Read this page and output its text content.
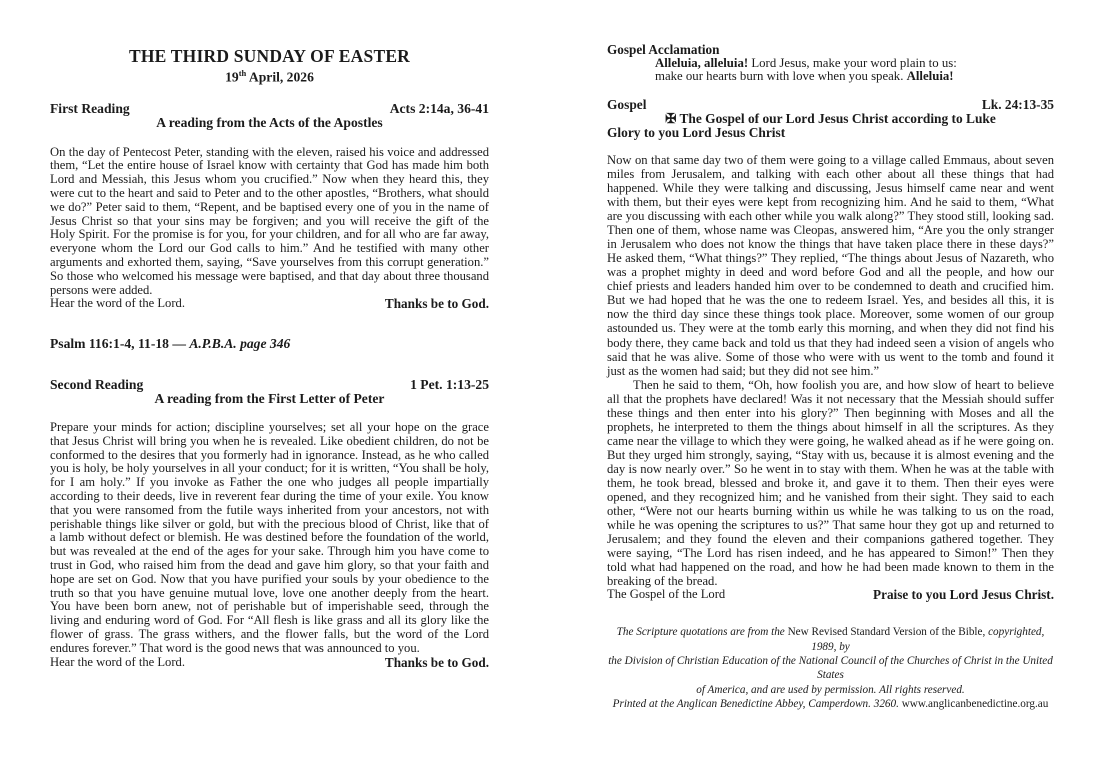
THE THIRD SUNDAY OF EASTER
19th April, 2026
First Reading	Acts 2:14a, 36-41
A reading from the Acts of the Apostles

On the day of Pentecost Peter, standing with the eleven, raised his voice and addressed them, “Let the entire house of Israel know with certainty that God has made him both Lord and Messiah, this Jesus whom you crucified.” Now when they heard this, they were cut to the heart and said to Peter and to the other apostles, “Brothers, what should we do?” Peter said to them, “Repent, and be baptised every one of you in the name of Jesus Christ so that your sins may be forgiven; and you will receive the gift of the Holy Spirit. For the promise is for you, for your children, and for all who are far away, everyone whom the Lord our God calls to him.” And he testified with many other arguments and exhorted them, saying, “Save yourselves from this corrupt generation.” So those who welcomed his message were baptised, and that day about three thousand persons were added.

Hear the word of the Lord.	Thanks be to God.
Psalm 116:1-4, 11-18 — A.P.B.A. page 346
Second Reading	1 Pet. 1:13-25
A reading from the First Letter of Peter

Prepare your minds for action; discipline yourselves; set all your hope on the grace that Jesus Christ will bring you when he is revealed. Like obedient children, do not be conformed to the desires that you formerly had in ignorance. Instead, as he who called you is holy, be holy yourselves in all your conduct; for it is written, “You shall be holy, for I am holy.” If you invoke as Father the one who judges all people impartially according to their deeds, live in reverent fear during the time of your exile. You know that you were ransomed from the futile ways inherited from your ancestors, not with perishable things like silver or gold, but with the precious blood of Christ, like that of a lamb without defect or blemish. He was destined before the foundation of the world, but was revealed at the end of the ages for your sake. Through him you have come to trust in God, who raised him from the dead and gave him glory, so that your faith and hope are set on God. Now that you have purified your souls by your obedience to the truth so that you have genuine mutual love, love one another deeply from the heart. You have been born anew, not of perishable but of imperishable seed, through the living and enduring word of God. For “All flesh is like grass and all its glory like the flower of grass. The grass withers, and the flower falls, but the word of the Lord endures forever.” That word is the good news that was announced to you.

Hear the word of the Lord.	Thanks be to God.
Gospel Acclamation
Alleluia, alleluia! Lord Jesus, make your word plain to us:
make our hearts burn with love when you speak. Alleluia!
Gospel	Lk. 24:13-35
✠ The Gospel of our Lord Jesus Christ according to Luke
Glory to you Lord Jesus Christ

Now on that same day two of them were going to a village called Emmaus, about seven miles from Jerusalem, and talking with each other about all these things that had happened. While they were talking and discussing, Jesus himself came near and went with them, but their eyes were kept from recognizing him. And he said to them, “What are you discussing with each other while you walk along?” They stood still, looking sad. Then one of them, whose name was Cleopas, answered him, “Are you the only stranger in Jerusalem who does not know the things that have taken place there in these days?” He asked them, “What things?” They replied, “The things about Jesus of Nazareth, who was a prophet mighty in deed and word before God and all the people, and how our chief priests and leaders handed him over to be condemned to death and crucified him. But we had hoped that he was the one to redeem Israel. Yes, and besides all this, it is now the third day since these things took place. Moreover, some women of our group astounded us. They were at the tomb early this morning, and when they did not find his body there, they came back and told us that they had indeed seen a vision of angels who said that he was alive. Some of those who were with us went to the tomb and found it just as the women had said; but they did not see him.”

Then he said to them, “Oh, how foolish you are, and how slow of heart to believe all that the prophets have declared! Was it not necessary that the Messiah should suffer these things and then enter into his glory?” Then beginning with Moses and all the prophets, he interpreted to them the things about himself in all the scriptures. As they came near the village to which they were going, he walked ahead as if he were going on. But they urged him strongly, saying, “Stay with us, because it is almost evening and the day is now nearly over.” So he went in to stay with them. When he was at the table with them, he took bread, blessed and broke it, and gave it to them. Then their eyes were opened, and they recognized him; and he vanished from their sight. They said to each other, “Were not our hearts burning within us while he was talking to us on the road, while he was opening the scriptures to us?” That same hour they got up and returned to Jerusalem; and they found the eleven and their companions gathered together. They were saying, “The Lord has risen indeed, and he has appeared to Simon!” Then they told what had happened on the road, and how he had been made known to them in the breaking of the bread.

The Gospel of the Lord	Praise to you Lord Jesus Christ.
The Scripture quotations are from the New Revised Standard Version of the Bible, copyrighted, 1989, by
the Division of Christian Education of the National Council of the Churches of Christ in the United States
of America, and are used by permission. All rights reserved.
Printed at the Anglican Benedictine Abbey, Camperdown. 3260. www.anglicanbenedictine.org.au
